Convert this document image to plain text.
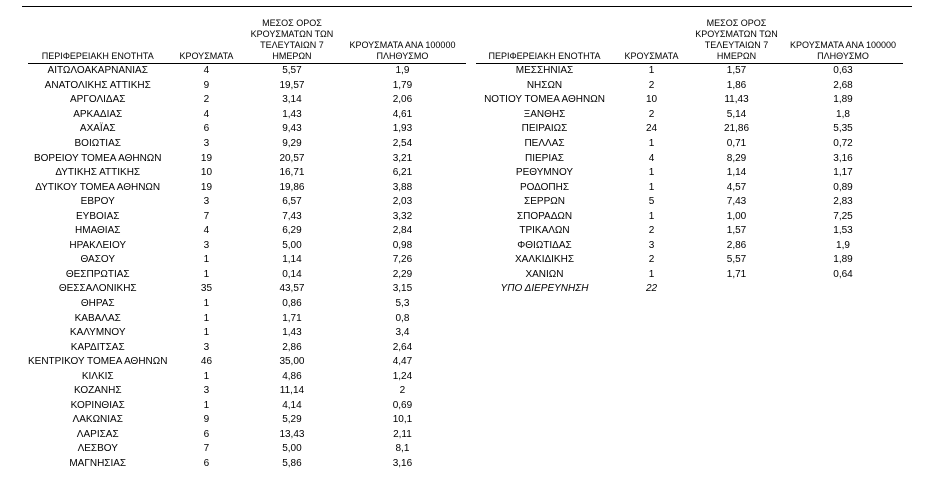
ΠΕΡΙΦΕΡΕΙΑΚΗ ΕΝΟΤΗΤΑ	ΚΡΟΥΣΜΑΤΑ	ΜΕΣΟΣ ΟΡΟΣ
ΚΡΟΥΣΜΑΤΩΝ ΤΩΝ
ΤΕΛΕΥΤΑΙΩΝ 7
ΗΜΕΡΩΝ	ΚΡΟΥΣΜΑΤΑ ΑΝΑ 100000
ΠΛΗΘΥΣΜΟ
ΑΙΤΩΛΟΑΚΑΡΝΑΝΙΑΣ	4	5,57	1,9
ΑΝΑΤΟΛΙΚΗΣ ΑΤΤΙΚΗΣ	9	19,57	1,79
ΑΡΓΟΛΙΔΑΣ	2	3,14	2,06
ΑΡΚΑΔΙΑΣ	4	1,43	4,61
ΑΧΑΪΑΣ	6	9,43	1,93
ΒΟΙΩΤΙΑΣ	3	9,29	2,54
ΒΟΡΕΙΟΥ ΤΟΜΕΑ ΑΘΗΝΩΝ	19	20,57	3,21
ΔΥΤΙΚΗΣ ΑΤΤΙΚΗΣ	10	16,71	6,21
ΔΥΤΙΚΟΥ ΤΟΜΕΑ ΑΘΗΝΩΝ	19	19,86	3,88
ΕΒΡΟΥ	3	6,57	2,03
ΕΥΒΟΙΑΣ	7	7,43	3,32
ΗΜΑΘΙΑΣ	4	6,29	2,84
ΗΡΑΚΛΕΙΟΥ	3	5,00	0,98
ΘΑΣΟΥ	1	1,14	7,26
ΘΕΣΠΡΩΤΙΑΣ	1	0,14	2,29
ΘΕΣΣΑΛΟΝΙΚΗΣ	35	43,57	3,15
ΘΗΡΑΣ	1	0,86	5,3
ΚΑΒΑΛΑΣ	1	1,71	0,8
ΚΑΛΥΜΝΟΥ	1	1,43	3,4
ΚΑΡΔΙΤΣΑΣ	3	2,86	2,64
ΚΕΝΤΡΙΚΟΥ ΤΟΜΕΑ ΑΘΗΝΩΝ	46	35,00	4,47
ΚΙΛΚΙΣ	1	4,86	1,24
ΚΟΖΑΝΗΣ	3	11,14	2
ΚΟΡΙΝΘΙΑΣ	1	4,14	0,69
ΛΑΚΩΝΙΑΣ	9	5,29	10,1
ΛΑΡΙΣΑΣ	6	13,43	2,11
ΛΕΣΒΟΥ	7	5,00	8,1
ΜΑΓΝΗΣΙΑΣ	6	5,86	3,16
ΠΕΡΙΦΕΡΕΙΑΚΗ ΕΝΟΤΗΤΑ	ΚΡΟΥΣΜΑΤΑ	ΜΕΣΟΣ ΟΡΟΣ
ΚΡΟΥΣΜΑΤΩΝ ΤΩΝ
ΤΕΛΕΥΤΑΙΩΝ 7
ΗΜΕΡΩΝ	ΚΡΟΥΣΜΑΤΑ ΑΝΑ 100000
ΠΛΗΘΥΣΜΟ
ΜΕΣΣΗΝΙΑΣ	1	1,57	0,63
ΝΗΣΩΝ	2	1,86	2,68
ΝΟΤΙΟΥ ΤΟΜΕΑ ΑΘΗΝΩΝ	10	11,43	1,89
ΞΑΝΘΗΣ	2	5,14	1,8
ΠΕΙΡΑΙΩΣ	24	21,86	5,35
ΠΕΛΛΑΣ	1	0,71	0,72
ΠΙΕΡΙΑΣ	4	8,29	3,16
ΡΕΘΥΜΝΟΥ	1	1,14	1,17
ΡΟΔΟΠΗΣ	1	4,57	0,89
ΣΕΡΡΩΝ	5	7,43	2,83
ΣΠΟΡΑΔΩΝ	1	1,00	7,25
ΤΡΙΚΑΛΩΝ	2	1,57	1,53
ΦΘΙΩΤΙΔΑΣ	3	2,86	1,9
ΧΑΛΚΙΔΙΚΗΣ	2	5,57	1,89
ΧΑΝΙΩΝ	1	1,71	0,64
ΥΠΟ ΔΙΕΡΕΥΝΗΣΗ	22		
